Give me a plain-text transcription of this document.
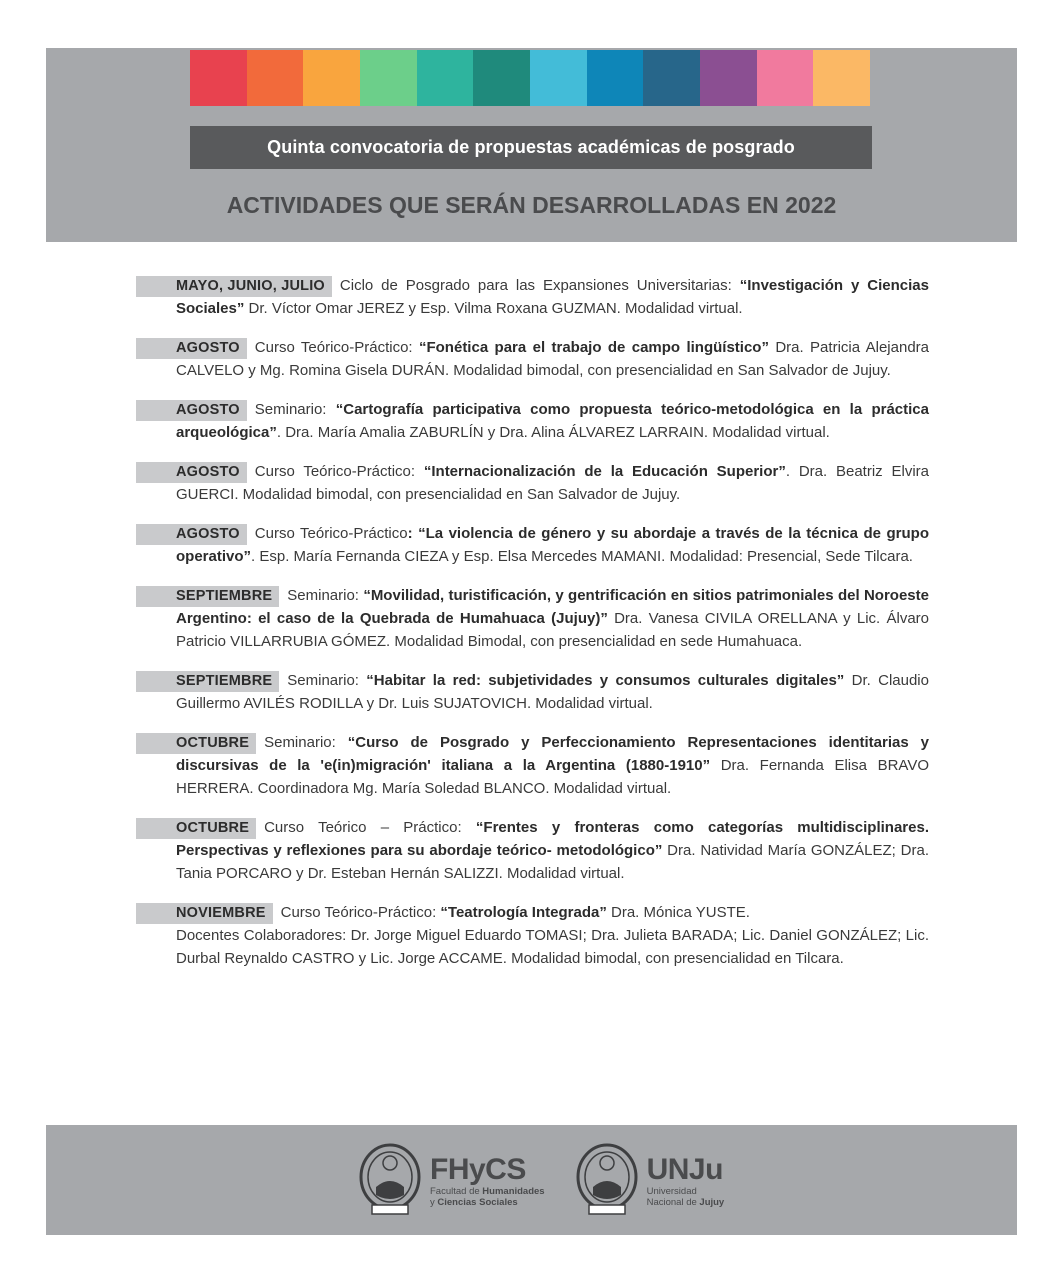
Quinta convocatoria de propuestas académicas de posgrado
ACTIVIDADES QUE SERÁN DESARROLLADAS EN 2022

MAYO, JUNIO, JULIO Ciclo de Posgrado para las Expansiones Universitarias: “Investigación y Ciencias Sociales” Dr. Víctor Omar JEREZ y Esp. Vilma Roxana GUZMAN. Modalidad virtual.

AGOSTO Curso Teórico-Práctico: “Fonética para el trabajo de campo lingüístico” Dra. Patricia Alejandra CALVELO y Mg. Romina Gisela DURÁN. Modalidad bimodal, con presencialidad en San Salvador de Jujuy.

AGOSTO Seminario: “Cartografía participativa como propuesta teórico-metodológica en la práctica arqueológica”. Dra. María Amalia ZABURLÍN y Dra. Alina ÁLVAREZ LARRAIN. Modalidad virtual.

AGOSTO Curso Teórico-Práctico: “Internacionalización de la Educación Superior”. Dra. Beatriz Elvira GUERCI. Modalidad bimodal, con presencialidad en San Salvador de Jujuy.

AGOSTO Curso Teórico-Práctico: “La violencia de género y su abordaje a través de la técnica de grupo operativo”. Esp. María Fernanda CIEZA y Esp. Elsa Mercedes MAMANI. Modalidad: Presencial, Sede Tilcara.

SEPTIEMBRE Seminario: “Movilidad, turistificación, y gentrificación en sitios patrimoniales del Noroeste Argentino: el caso de la Quebrada de Humahuaca (Jujuy)” Dra. Vanesa CIVILA ORELLANA y Lic. Álvaro Patricio VILLARRUBIA GÓMEZ. Modalidad Bimodal, con presencialidad en sede Humahuaca.

SEPTIEMBRE Seminario: “Habitar la red: subjetividades y consumos culturales digitales” Dr. Claudio Guillermo AVILÉS RODILLA y Dr. Luis SUJATOVICH. Modalidad virtual.

OCTUBRE Seminario: “Curso de Posgrado y Perfeccionamiento Representaciones identitarias y discursivas de la 'e(in)migración' italiana a la Argentina (1880-1910” Dra. Fernanda Elisa BRAVO HERRERA. Coordinadora Mg. María Soledad BLANCO. Modalidad virtual.

OCTUBRE Curso Teórico – Práctico: “Frentes y fronteras como categorías multidisciplinares. Perspectivas y reflexiones para su abordaje teórico- metodológico” Dra. Natividad María GONZÁLEZ; Dra. Tania PORCARO y Dr. Esteban Hernán SALIZZI. Modalidad virtual.

NOVIEMBRE Curso Teórico-Práctico: “Teatrología Integrada” Dra. Mónica YUSTE.

Docentes Colaboradores: Dr. Jorge Miguel Eduardo TOMASI; Dra. Julieta BARADA; Lic. Daniel GONZÁLEZ; Lic. Durbal Reynaldo CASTRO y Lic. Jorge ACCAME. Modalidad bimodal, con presencialidad en Tilcara.

FHyCS
Facultad de Humanidades
y Ciencias Sociales
UNJu
Universidad
Nacional de Jujuy
